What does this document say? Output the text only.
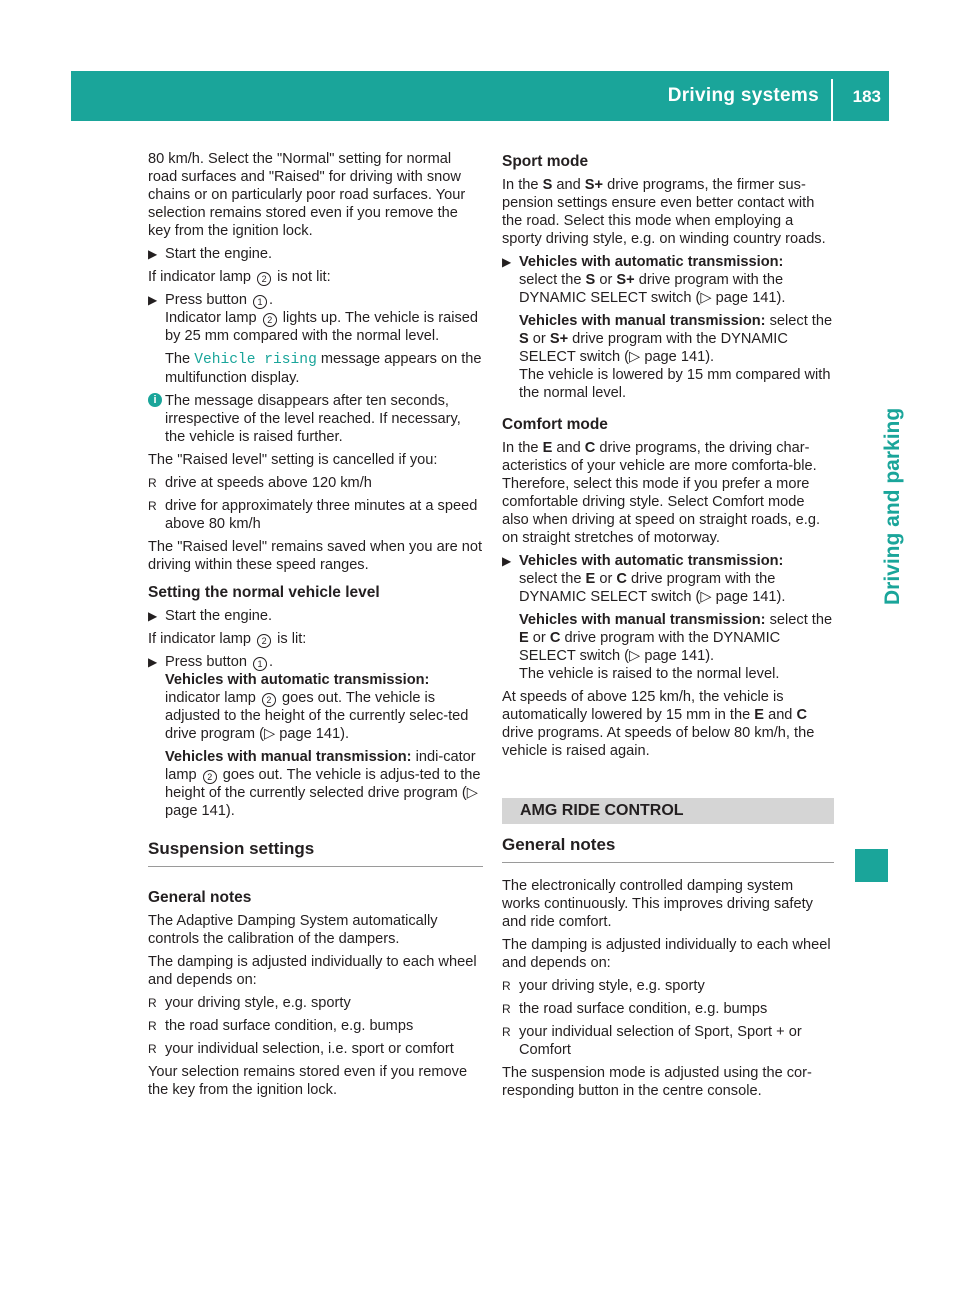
Driving systems 183
Driving and parking

80 km/h. Select the "Normal" setting for normal road surfaces and "Raised" for driving with snow chains or on particularly poor road surfaces. Your selection remains stored even if you remove the key from the ignition lock.

▶ Start the engine.

If indicator lamp 2 is not lit:

▶ Press button 1 .
Indicator lamp 2 lights up. The vehicle is raised by 25 mm compared with the normal level.

The Vehicle rising message appears on the multifunction display.

i The message disappears after ten seconds, irrespective of the level reached. If necessary, the vehicle is raised further.

The "Raised level" setting is cancelled if you:

R drive at speeds above 120 km/h

R drive for approximately three minutes at a speed above 80 km/h

The "Raised level" remains saved when you are not driving within these speed ranges.

Setting the normal vehicle level

▶ Start the engine.

If indicator lamp 2 is lit:

▶ Press button 1 .
Vehicles with automatic transmission:
indicator lamp 2 goes out. The vehicle is adjusted to the height of the currently selec-ted drive program (▷ page 141).

Vehicles with manual transmission: indi-cator lamp 2 goes out. The vehicle is adjus-ted to the height of the currently selected drive program (▷ page 141).

Suspension settings
General notes

The Adaptive Damping System automatically controls the calibration of the dampers.

The damping is adjusted individually to each wheel and depends on:

R your driving style, e.g. sporty

R the road surface condition, e.g. bumps

R your individual selection, i.e. sport or comfort

Your selection remains stored even if you remove the key from the ignition lock.

Sport mode

In the S and S+ drive programs, the firmer sus-pension settings ensure even better contact with the road. Select this mode when employing a sporty driving style, e.g. on winding country roads.

▶ Vehicles with automatic transmission:
select the S or S+ drive program with the DYNAMIC SELECT switch (▷ page 141).

Vehicles with manual transmission: select the S or S+ drive program with the DYNAMIC SELECT switch (▷ page 141).
The vehicle is lowered by 15 mm compared with the normal level.

Comfort mode

In the E and C drive programs, the driving char-acteristics of your vehicle are more comforta-ble. Therefore, select this mode if you prefer a more comfortable driving style. Select Comfort mode also when driving at speed on straight roads, e.g. on straight stretches of motorway.

▶ Vehicles with automatic transmission:
select the E or C drive program with the DYNAMIC SELECT switch (▷ page 141).

Vehicles with manual transmission: select the E or C drive program with the DYNAMIC SELECT switch (▷ page 141).
The vehicle is raised to the normal level.

At speeds of above 125 km/h, the vehicle is automatically lowered by 15 mm in the E and C drive programs. At speeds of below 80 km/h, the vehicle is raised again.

AMG RIDE CONTROL
General notes

The electronically controlled damping system works continuously. This improves driving safety and ride comfort.

The damping is adjusted individually to each wheel and depends on:

R your driving style, e.g. sporty

R the road surface condition, e.g. bumps

R your individual selection of Sport, Sport + or Comfort

The suspension mode is adjusted using the cor-responding button in the centre console.
